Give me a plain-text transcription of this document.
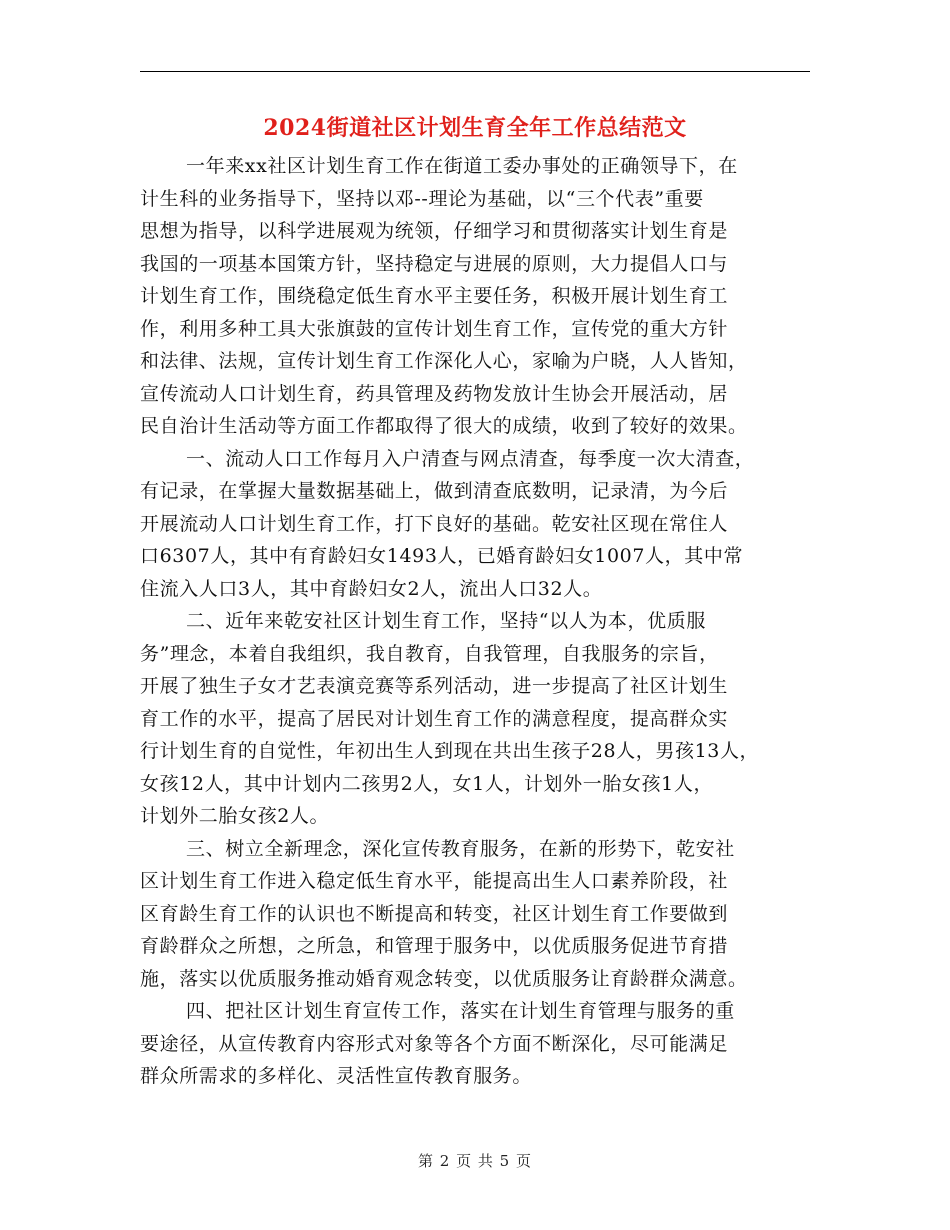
2024街道社区计划生育全年工作总结范文
一年来xx社区计划生育工作在街道工委办事处的正确领导下，在
计生科的业务指导下，坚持以邓--理论为基础，以“三个代表”重要
思想为指导，以科学进展观为统领，仔细学习和贯彻落实计划生育是
我国的一项基本国策方针，坚持稳定与进展的原则，大力提倡人口与
计划生育工作，围绕稳定低生育水平主要任务，积极开展计划生育工
作，利用多种工具大张旗鼓的宣传计划生育工作，宣传党的重大方针
和法律、法规，宣传计划生育工作深化人心，家喻为户晓，人人皆知，
宣传流动人口计划生育，药具管理及药物发放计生协会开展活动，居
民自治计生活动等方面工作都取得了很大的成绩，收到了较好的效果。
一、流动人口工作每月入户清查与网点清查，每季度一次大清查，
有记录，在掌握大量数据基础上，做到清查底数明，记录清，为今后
开展流动人口计划生育工作，打下良好的基础。乾安社区现在常住人
口6307人，其中有育龄妇女1493人，已婚育龄妇女1007人，其中常
住流入人口3人，其中育龄妇女2人，流出人口32人。
二、近年来乾安社区计划生育工作，坚持“以人为本，优质服
务”理念，本着自我组织，我自教育，自我管理，自我服务的宗旨，
开展了独生子女才艺表演竞赛等系列活动，进一步提高了社区计划生
育工作的水平，提高了居民对计划生育工作的满意程度，提高群众实
行计划生育的自觉性，年初出生人到现在共出生孩子28人，男孩13人，
女孩12人，其中计划内二孩男2人，女1人，计划外一胎女孩1人，
计划外二胎女孩2人。
三、树立全新理念，深化宣传教育服务，在新的形势下，乾安社
区计划生育工作进入稳定低生育水平，能提高出生人口素养阶段，社
区育龄生育工作的认识也不断提高和转变，社区计划生育工作要做到
育龄群众之所想，之所急，和管理于服务中，以优质服务促进节育措
施，落实以优质服务推动婚育观念转变，以优质服务让育龄群众满意。
四、把社区计划生育宣传工作，落实在计划生育管理与服务的重
要途径，从宣传教育内容形式对象等各个方面不断深化，尽可能满足
群众所需求的多样化、灵活性宣传教育服务。
第 2 页 共 5 页
